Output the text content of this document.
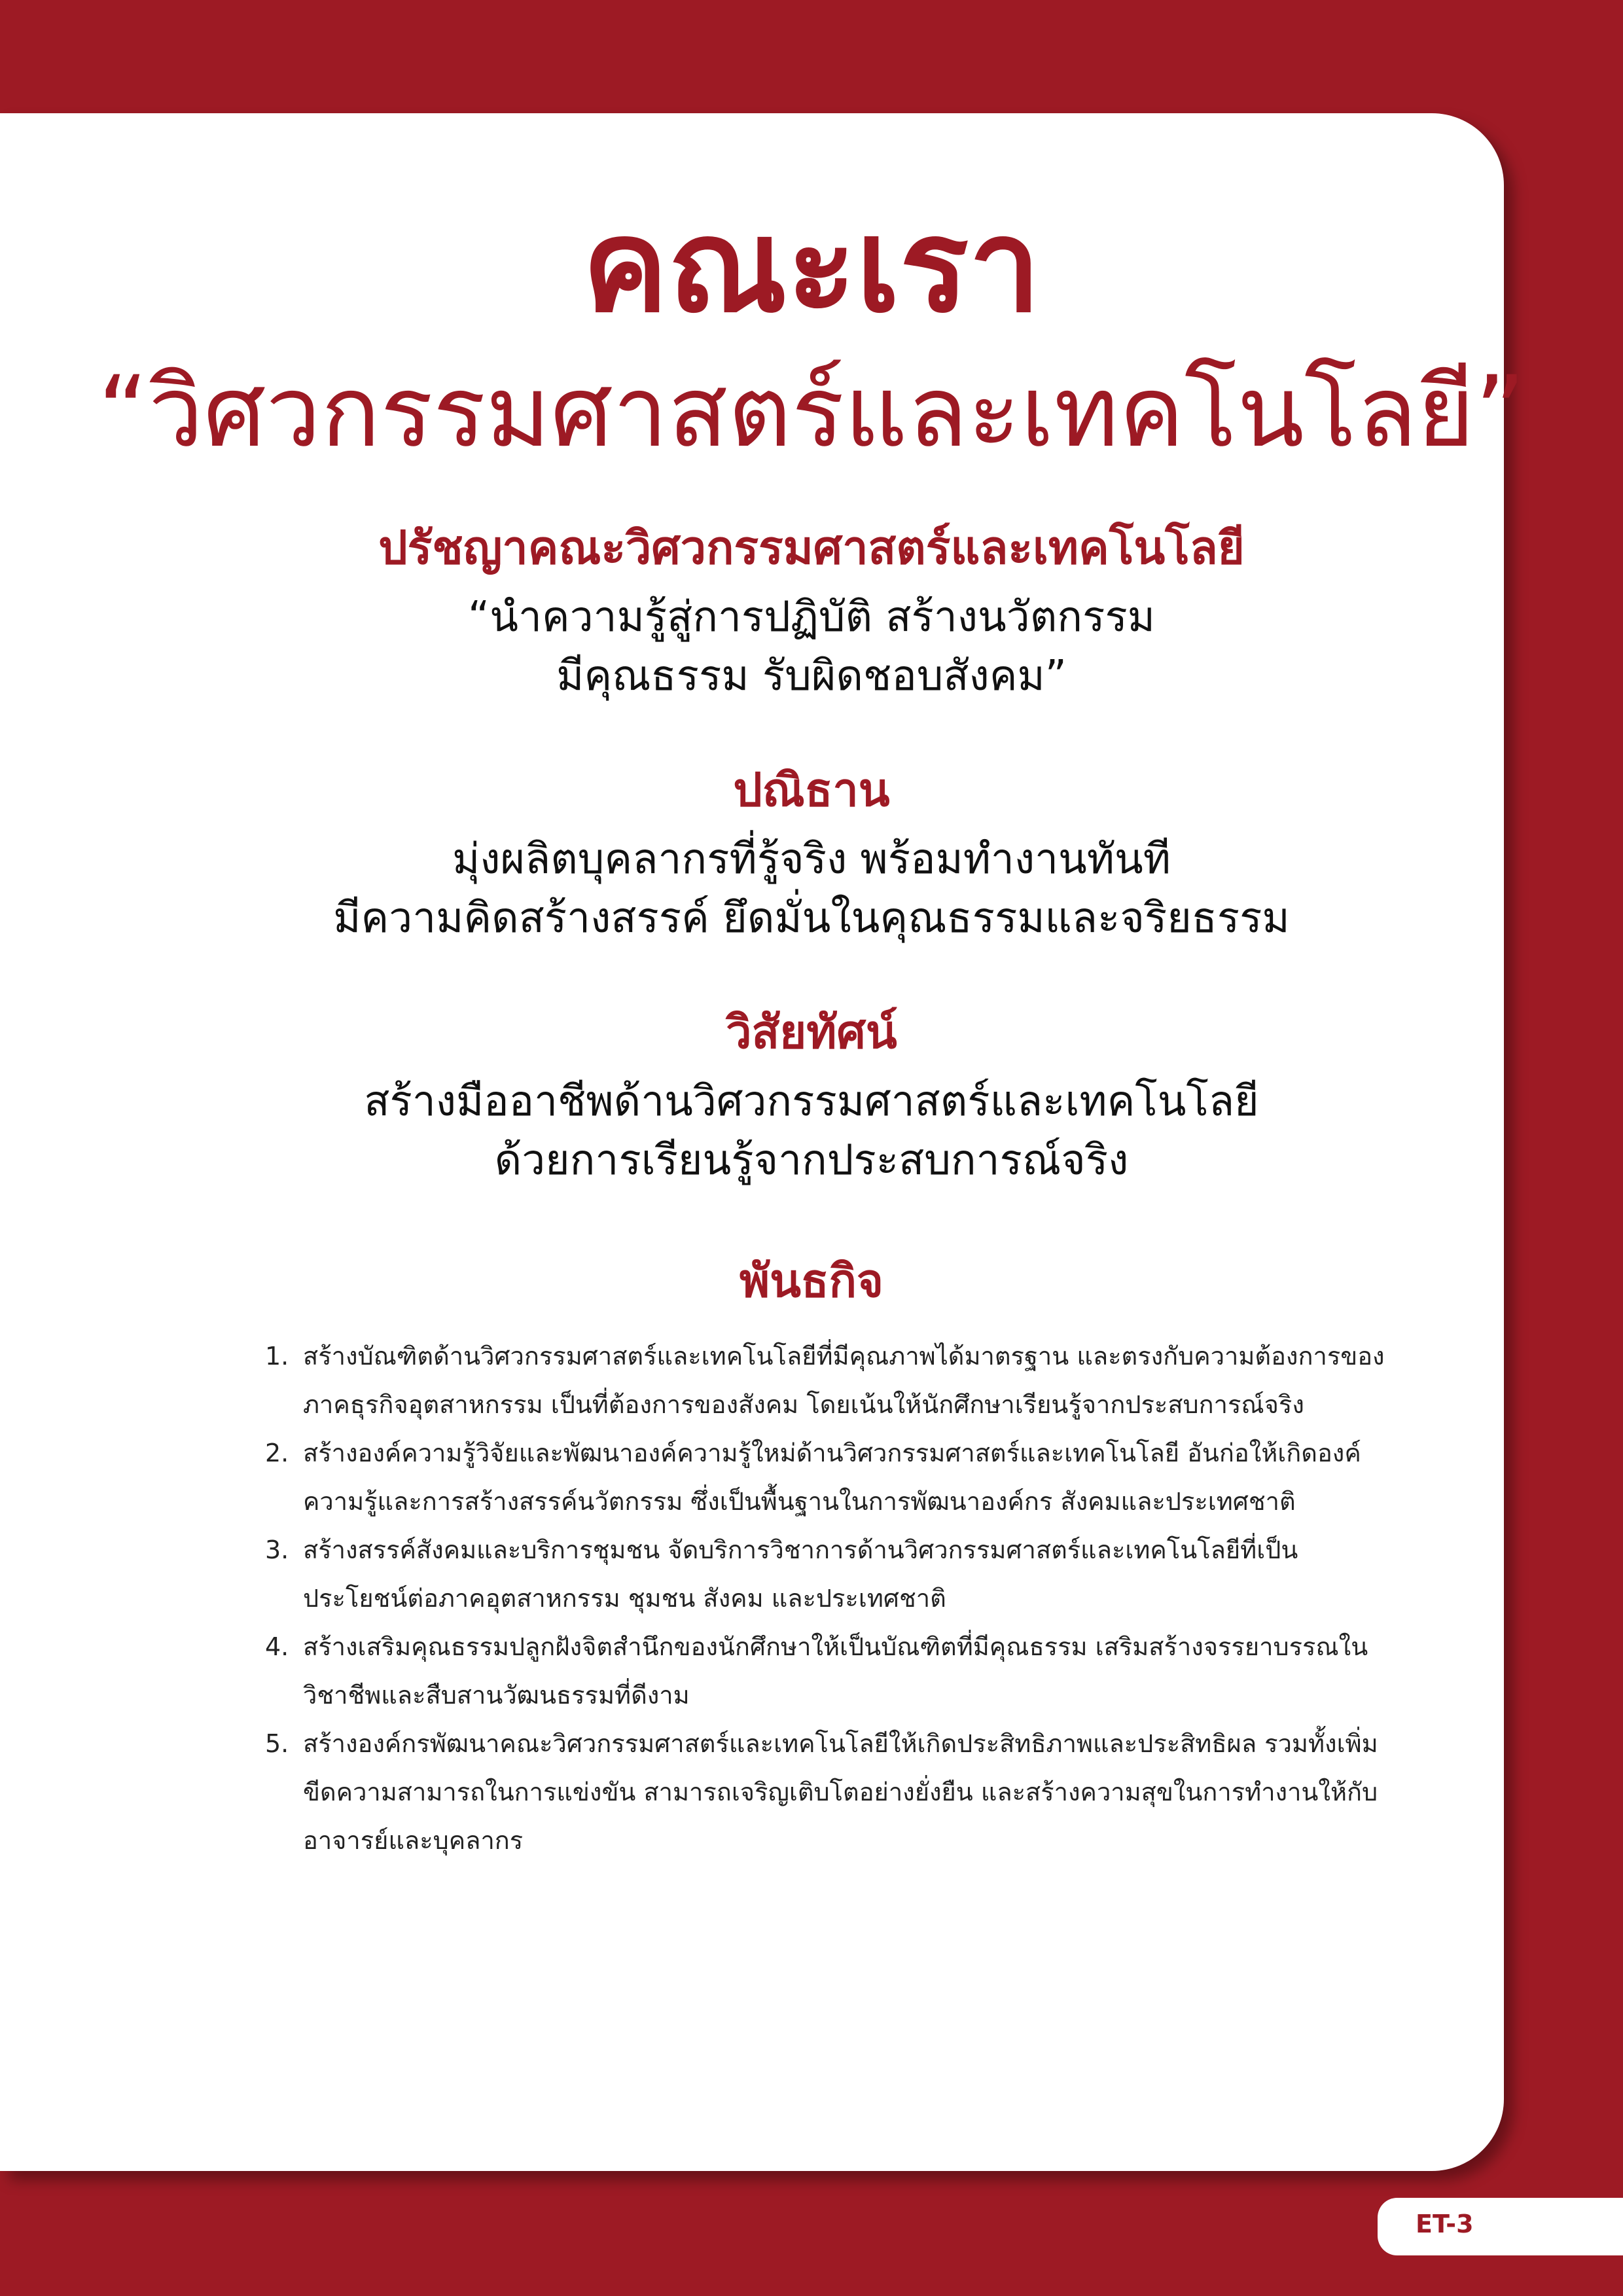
คณะเรา
“วิศวกรรมศาสตร์และเทคโนโลยี”
ปรัชญาคณะวิศวกรรมศาสตร์และเทคโนโลยี
“นำความรู้สู่การปฏิบัติ สร้างนวัตกรรม
มีคุณธรรม รับผิดชอบสังคม”
ปณิธาน
มุ่งผลิตบุคลากรที่รู้จริง พร้อมทำงานทันที
มีความคิดสร้างสรรค์ ยึดมั่นในคุณธรรมและจริยธรรม
วิสัยทัศน์
สร้างมืออาชีพด้านวิศวกรรมศาสตร์และเทคโนโลยี
ด้วยการเรียนรู้จากประสบการณ์จริง
พันธกิจ
1. สร้างบัณฑิตด้านวิศวกรรมศาสตร์และเทคโนโลยีที่มีคุณภาพได้มาตรฐาน และตรงกับความต้องการของภาคธุรกิจอุตสาหกรรม เป็นที่ต้องการของสังคม โดยเน้นให้นักศึกษาเรียนรู้จากประสบการณ์จริง
2. สร้างองค์ความรู้วิจัยและพัฒนาองค์ความรู้ใหม่ด้านวิศวกรรมศาสตร์และเทคโนโลยี อันก่อให้เกิดองค์ความรู้และการสร้างสรรค์นวัตกรรม ซึ่งเป็นพื้นฐานในการพัฒนาองค์กร สังคมและประเทศชาติ
3. สร้างสรรค์สังคมและบริการชุมชน จัดบริการวิชาการด้านวิศวกรรมศาสตร์และเทคโนโลยีที่เป็นประโยชน์ต่อภาคอุตสาหกรรม ชุมชน สังคม และประเทศชาติ
4. สร้างเสริมคุณธรรมปลูกฝังจิตสำนึกของนักศึกษาให้เป็นบัณฑิตที่มีคุณธรรม เสริมสร้างจรรยาบรรณในวิชาชีพและสืบสานวัฒนธรรมที่ดีงาม
5. สร้างองค์กรพัฒนาคณะวิศวกรรมศาสตร์และเทคโนโลยีให้เกิดประสิทธิภาพและประสิทธิผล รวมทั้งเพิ่มขีดความสามารถในการแข่งขัน สามารถเจริญเติบโตอย่างยั่งยืน และสร้างความสุขในการทำงานให้กับอาจารย์และบุคลากร
ET-3
